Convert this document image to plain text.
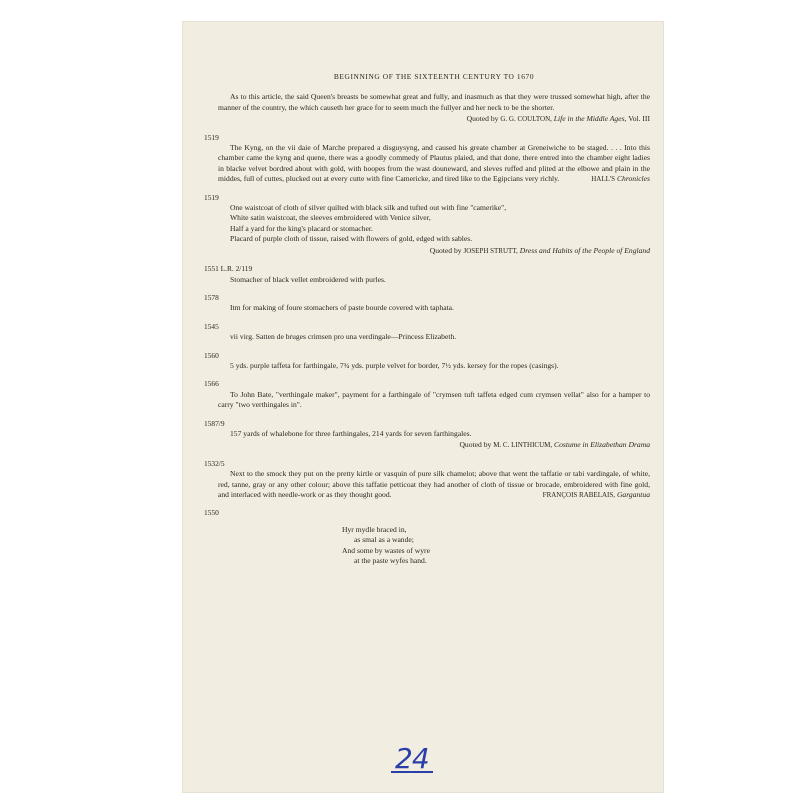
BEGINNING OF THE SIXTEENTH CENTURY TO 1670

As to this article, the said Queen's breasts be somewhat great and fully, and inasmuch as that they were trussed somewhat high, after the manner of the country, the which causeth her grace for to seem much the fullyer and her neck to be the shorter.

Quoted by G. G. COULTON, Life in the Middle Ages, Vol. III
1519

The Kyng, on the vii daie of Marche prepared a disguysyng, and caused his greate chamber at Greneiwiche to be staged. . . . Into this chamber came the kyng and quene, there was a goodly commedy of Plautus plaied, and that done, there entred into the chamber eight ladies in blacke velvet bordred about with gold, with hoopes from the wast douneward, and sleves ruffed and plited at the elbowe and plain in the middes, full of cuttes, plucked out at every cutte with fine Camericke, and tired like to the Egipcians very richly.	HALL'S Chronicles

1519
One waistcoat of cloth of silver quilted with black silk and tufted out with fine "camerike",
White satin waistcoat, the sleeves embroidered with Venice silver,
Half a yard for the king's placard or stomacher.
Placard of purple cloth of tissue, raised with flowers of gold, edged with sables.
Quoted by JOSEPH STRUTT, Dress and Habits of the People of England
1551 L.R. 2/119

Stomacher of black vellet embroidered with purles.

1578

Itm for making of foure stomachers of paste bourde covered with taphata.

1545

vii virg. Satten de bruges crimsen pro una verdingale—Princess Elizabeth.

1560

5 yds. purple taffeta for farthingale, 7¾ yds. purple velvet for border, 7½ yds. kersey for the ropes (casings).

1566

To John Bate, "verthingale maker", payment for a farthingale of "crymsen tuft taffeta edged cum crymsen vellat" also for a hamper to carry "two verthingales in".

1587/9

157 yards of whalebone for three farthingales, 214 yards for seven farthingales.

Quoted by M. C. LINTHICUM, Costume in Elizabethan Drama
1532/5

Next to the smock they put on the pretty kirtle or vasquin of pure silk chamelot; above that went the taffatie or tabi vardingale, of white, red, tanne, gray or any other colour; above this taffatie petticoat they had another of cloth of tissue or brocade, embroidered with fine gold, and interlaced with needle-work or as they thought good.	FRANÇOIS RABELAIS, Gargantua

1550
Hyr mydle braced in,
as smal as a wande;
And some by wastes of wyre
at the paste wyfes hand.
24
